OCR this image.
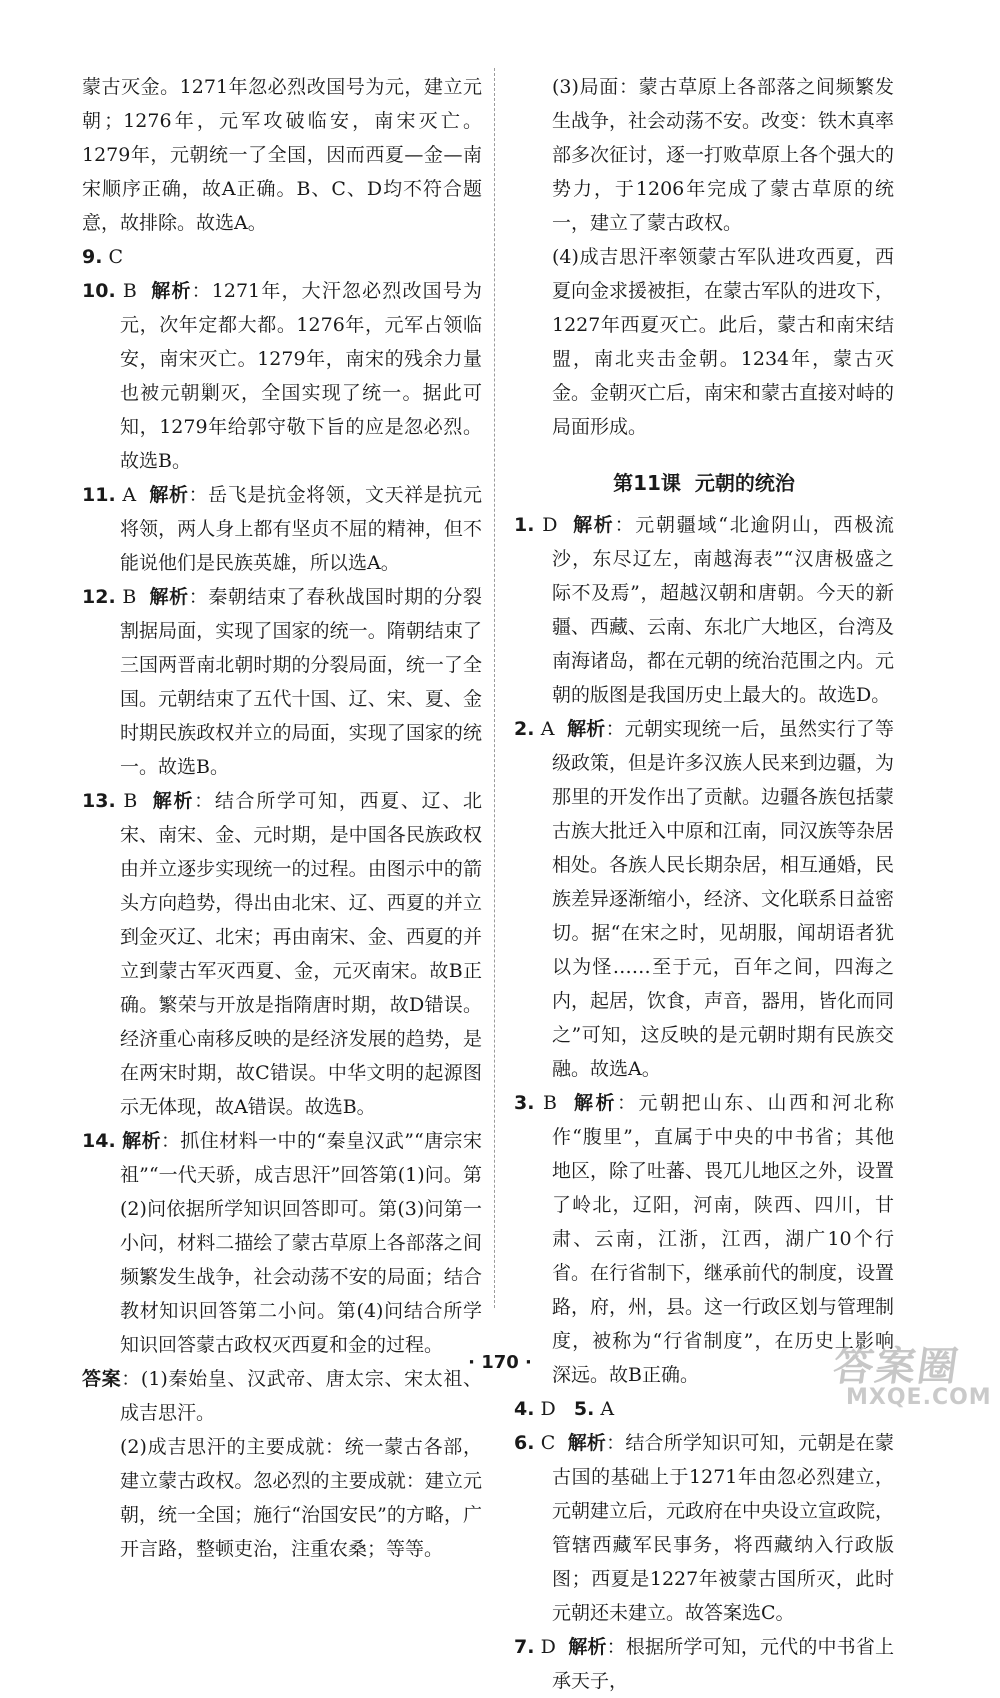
蒙古灭金。1271年忽必烈改国号为元，建立元朝；1276年，元军攻破临安，南宋灭亡。1279年，元朝统一了全国，因而西夏—金—南宋顺序正确，故A正确。B、C、D均不符合题意，故排除。故选A。

9. C

10. B 解析：1271年，大汗忽必烈改国号为元，次年定都大都。1276年，元军占领临安，南宋灭亡。1279年，南宋的残余力量也被元朝剿灭，全国实现了统一。据此可知，1279年给郭守敬下旨的应是忽必烈。故选B。

11. A 解析：岳飞是抗金将领，文天祥是抗元将领，两人身上都有坚贞不屈的精神，但不能说他们是民族英雄，所以选A。

12. B 解析：秦朝结束了春秋战国时期的分裂割据局面，实现了国家的统一。隋朝结束了三国两晋南北朝时期的分裂局面，统一了全国。元朝结束了五代十国、辽、宋、夏、金时期民族政权并立的局面，实现了国家的统一。故选B。

13. B 解析：结合所学可知，西夏、辽、北宋、南宋、金、元时期，是中国各民族政权由并立逐步实现统一的过程。由图示中的箭头方向趋势，得出由北宋、辽、西夏的并立到金灭辽、北宋；再由南宋、金、西夏的并立到蒙古军灭西夏、金，元灭南宋。故B正确。繁荣与开放是指隋唐时期，故D错误。经济重心南移反映的是经济发展的趋势，是在两宋时期，故C错误。中华文明的起源图示无体现，故A错误。故选B。

14. 解析：抓住材料一中的“秦皇汉武”“唐宗宋祖”“一代天骄，成吉思汗”回答第(1)问。第(2)问依据所学知识回答即可。第(3)问第一小问，材料二描绘了蒙古草原上各部落之间频繁发生战争，社会动荡不安的局面；结合教材知识回答第二小问。第(4)问结合所学知识回答蒙古政权灭西夏和金的过程。

答案：(1)秦始皇、汉武帝、唐太宗、宋太祖、成吉思汗。

(2)成吉思汗的主要成就：统一蒙古各部，建立蒙古政权。忽必烈的主要成就：建立元朝，统一全国；施行“治国安民”的方略，广开言路，整顿吏治，注重农桑；等等。

(3)局面：蒙古草原上各部落之间频繁发生战争，社会动荡不安。改变：铁木真率部多次征讨，逐一打败草原上各个强大的势力，于1206年完成了蒙古草原的统一，建立了蒙古政权。

(4)成吉思汗率领蒙古军队进攻西夏，西夏向金求援被拒，在蒙古军队的进攻下，1227年西夏灭亡。此后，蒙古和南宋结盟，南北夹击金朝。1234年，蒙古灭金。金朝灭亡后，南宋和蒙古直接对峙的局面形成。

第11课 元朝的统治

1. D 解析：元朝疆域“北逾阴山，西极流沙，东尽辽左，南越海表”“汉唐极盛之际不及焉”，超越汉朝和唐朝。今天的新疆、西藏、云南、东北广大地区，台湾及南海诸岛，都在元朝的统治范围之内。元朝的版图是我国历史上最大的。故选D。

2. A 解析：元朝实现统一后，虽然实行了等级政策，但是许多汉族人民来到边疆，为那里的开发作出了贡献。边疆各族包括蒙古族大批迁入中原和江南，同汉族等杂居相处。各族人民长期杂居，相互通婚，民族差异逐渐缩小，经济、文化联系日益密切。据“在宋之时，见胡服，闻胡语者犹以为怪……至于元，百年之间，四海之内，起居，饮食，声音，器用，皆化而同之”可知，这反映的是元朝时期有民族交融。故选A。

3. B 解析：元朝把山东、山西和河北称作“腹里”，直属于中央的中书省；其他地区，除了吐蕃、畏兀儿地区之外，设置了岭北，辽阳，河南，陕西、四川，甘肃、云南，江浙，江西，湖广10个行省。在行省制下，继承前代的制度，设置路，府，州，县。这一行政区划与管理制度，被称为“行省制度”，在历史上影响深远。故B正确。

4. D 5. A

6. C 解析：结合所学知识可知，元朝是在蒙古国的基础上于1271年由忽必烈建立，元朝建立后，元政府在中央设立宣政院，管辖西藏军民事务，将西藏纳入行政版图；西夏是1227年被蒙古国所灭，此时元朝还未建立。故答案选C。

7. D 解析：根据所学可知，元代的中书省上承天子，

· 170 ·	答案圈
MXQE.COM
